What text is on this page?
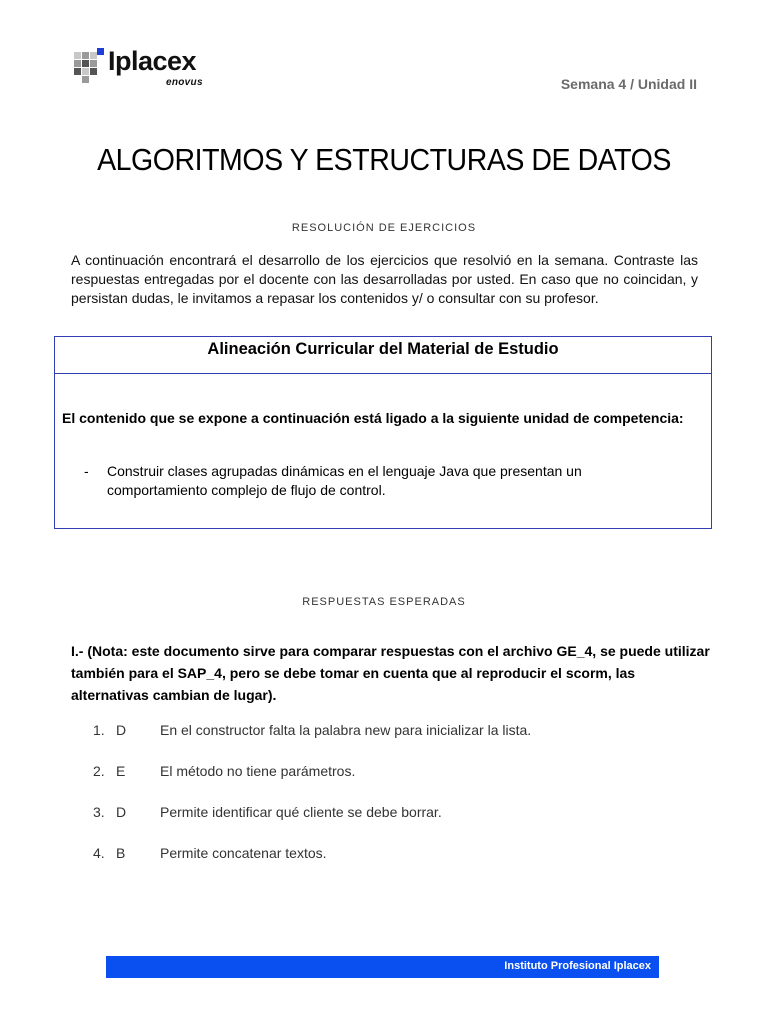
Iplacex
enovus	Semana 4 / Unidad II
ALGORITMOS Y ESTRUCTURAS DE DATOS
RESOLUCIÓN DE EJERCICIOS
A continuación encontrará el desarrollo de los ejercicios que resolvió en la semana. Contraste las respuestas entregadas por el docente con las desarrolladas por usted. En caso que no coincidan, y persistan dudas, le invitamos a repasar los contenidos y/ o consultar con su profesor.
Alineación Curricular del Material de Estudio
El contenido que se expone a continuación está ligado a la siguiente unidad de competencia:
- Construir clases agrupadas dinámicas en el lenguaje Java que presentan un comportamiento complejo de flujo de control.
RESPUESTAS ESPERADAS
I.- (Nota: este documento sirve para comparar respuestas con el archivo GE_4, se puede utilizar también para el SAP_4, pero se debe tomar en cuenta que al reproducir el scorm, las alternativas cambian de lugar).
1. D En el constructor falta la palabra new para inicializar la lista.
2. E El método no tiene parámetros.
3. D Permite identificar qué cliente se debe borrar.
4. B Permite concatenar textos.
Instituto Profesional Iplacex
